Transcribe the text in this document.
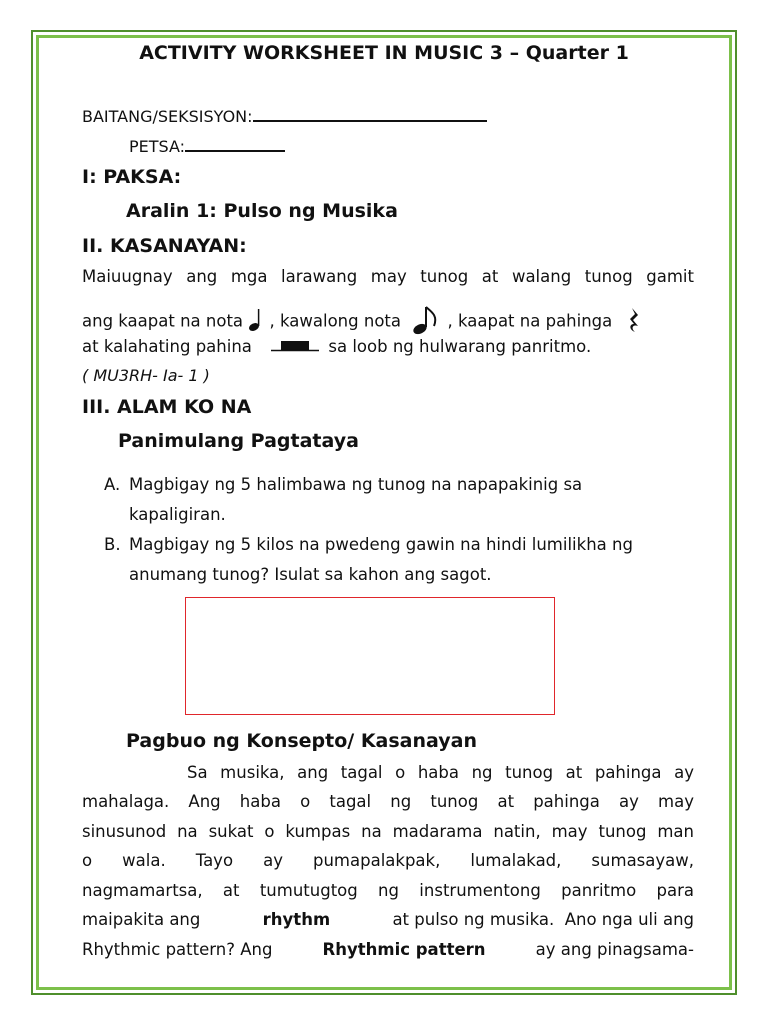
ACTIVITY WORKSHEET IN MUSIC 3 – Quarter 1
BAITANG/SEKSISYON:
PETSA:
I: PAKSA:
Aralin 1: Pulso ng Musika
II. KASANAYAN:
Maiuugnay ang mga larawang may tunog at walang tunog gamit
ang kaapat na nota , kawalong nota	, kaapat na pahinga
at kalahating pahina	sa loob ng hulwarang panritmo.
( MU3RH- Ia- 1 )
III. ALAM KO NA
Panimulang Pagtataya
A. Magbigay ng 5 halimbawa ng tunog na napapakinig sa
kapaligiran.
B. Magbigay ng 5 kilos na pwedeng gawin na hindi lumilikha ng
anumang tunog? Isulat sa kahon ang sagot.
Pagbuo ng Konsepto/ Kasanayan
Sa musika, ang tagal o haba ng tunog at pahinga ay
mahalaga. Ang haba o tagal ng tunog at pahinga ay may
sinusunod na sukat o kumpas na madarama natin, may tunog man
o wala. Tayo ay pumapalakpak, lumalakad, sumasayaw,
nagmamartsa, at tumutugtog ng instrumentong panritmo para
maipakita ang	rhythm	at pulso ng musika.  Ano nga uli ang
Rhythmic pattern? Ang	Rhythmic pattern	ay ang pinagsama-
